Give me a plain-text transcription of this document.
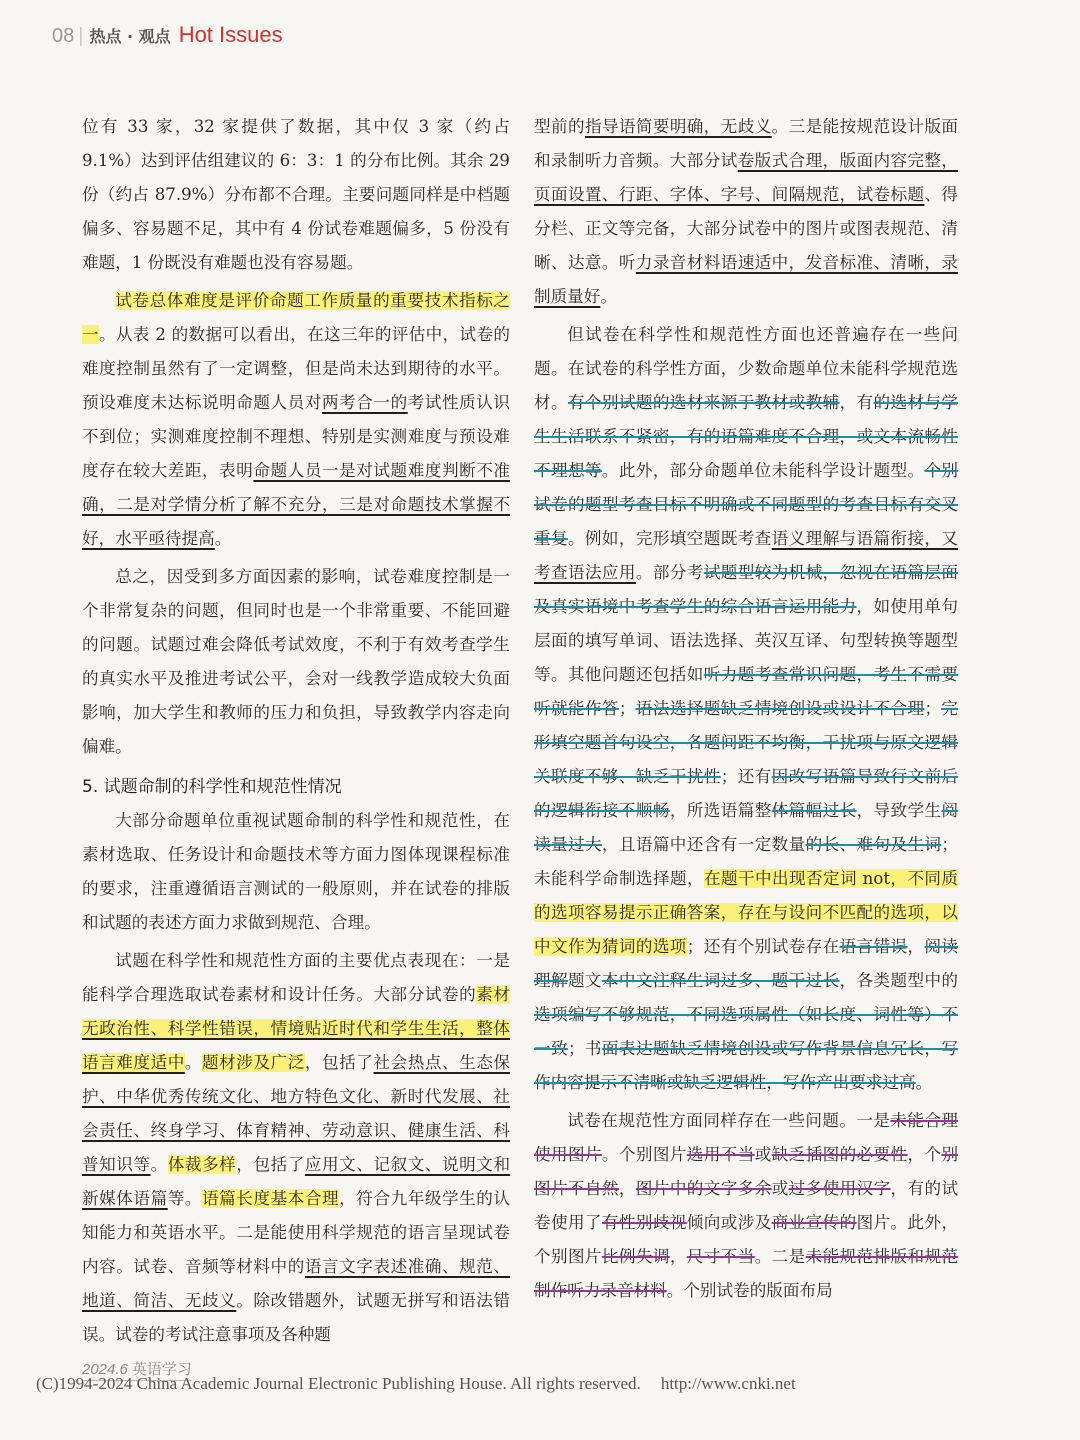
08 | 热点 · 观点 Hot Issues

位有 33 家，32 家提供了数据，其中仅 3 家（约占 9.1%）达到评估组建议的 6：3：1 的分布比例。其余 29 份（约占 87.9%）分布都不合理。主要问题同样是中档题偏多、容易题不足，其中有 4 份试卷难题偏多，5 份没有难题，1 份既没有难题也没有容易题。

试卷总体难度是评价命题工作质量的重要技术指标之一。从表 2 的数据可以看出，在这三年的评估中，试卷的难度控制虽然有了一定调整，但是尚未达到期待的水平。预设难度未达标说明命题人员对两考合一的考试性质认识不到位；实测难度控制不理想、特别是实测难度与预设难度存在较大差距，表明命题人员一是对试题难度判断不准确，二是对学情分析了解不充分，三是对命题技术掌握不好，水平亟待提高。

总之，因受到多方面因素的影响，试卷难度控制是一个非常复杂的问题，但同时也是一个非常重要、不能回避的问题。试题过难会降低考试效度，不利于有效考查学生的真实水平及推进考试公平，会对一线教学造成较大负面影响，加大学生和教师的压力和负担，导致教学内容走向偏难。

5. 试题命制的科学性和规范性情况

大部分命题单位重视试题命制的科学性和规范性，在素材选取、任务设计和命题技术等方面力图体现课程标准的要求，注重遵循语言测试的一般原则，并在试卷的排版和试题的表述方面力求做到规范、合理。

试题在科学性和规范性方面的主要优点表现在：一是能科学合理选取试卷素材和设计任务。大部分试卷的素材无政治性、科学性错误，情境贴近时代和学生生活，整体语言难度适中。题材涉及广泛，包括了社会热点、生态保护、中华优秀传统文化、地方特色文化、新时代发展、社会责任、终身学习、体育精神、劳动意识、健康生活、科普知识等。体裁多样，包括了应用文、记叙文、说明文和新媒体语篇等。语篇长度基本合理，符合九年级学生的认知能力和英语水平。二是能使用科学规范的语言呈现试卷内容。试卷、音频等材料中的语言文字表述准确、规范、地道、简洁、无歧义。除改错题外，试题无拼写和语法错误。试卷的考试注意事项及各种题

型前的指导语简要明确，无歧义。三是能按规范设计版面和录制听力音频。大部分试卷版式合理，版面内容完整，页面设置、行距、字体、字号、间隔规范，试卷标题、得分栏、正文等完备，大部分试卷中的图片或图表规范、清晰、达意。听力录音材料语速适中，发音标准、清晰，录制质量好。

但试卷在科学性和规范性方面也还普遍存在一些问题。在试卷的科学性方面，少数命题单位未能科学规范选材。有个别试题的选材来源于教材或教辅，有的选材与学生生活联系不紧密，有的语篇难度不合理，或文本流畅性不理想等。此外，部分命题单位未能科学设计题型。个别试卷的题型考查目标不明确或不同题型的考查目标有交叉重复。例如，完形填空题既考查语义理解与语篇衔接，又考查语法应用。部分考试题型较为机械，忽视在语篇层面及真实语境中考查学生的综合语言运用能力，如使用单句层面的填写单词、语法选择、英汉互译、句型转换等题型等。其他问题还包括如听力题考查常识问题，考生不需要听就能作答；语法选择题缺乏情境创设或设计不合理；完形填空题首句设空，各题间距不均衡，干扰项与原文逻辑关联度不够、缺乏干扰性；还有因改写语篇导致行文前后的逻辑衔接不顺畅，所选语篇整体篇幅过长，导致学生阅读量过大，且语篇中还含有一定数量的长、难句及生词；未能科学命制选择题，在题干中出现否定词 not，不同质的选项容易提示正确答案，存在与设问不匹配的选项，以中文作为猜词的选项；还有个别试卷存在语言错误，阅读理解题文本中文注释生词过多、题干过长，各类题型中的选项编写不够规范，不同选项属性（如长度、词性等）不一致；书面表达题缺乏情境创设或写作背景信息冗长，写作内容提示不清晰或缺乏逻辑性，写作产出要求过高。

试卷在规范性方面同样存在一些问题。一是未能合理使用图片。个别图片选用不当或缺乏插图的必要性，个别图片不自然，图片中的文字多余或过多使用汉字，有的试卷使用了有性别歧视倾向或涉及商业宣传的图片。此外，个别图片比例失调，尺寸不当。二是未能规范排版和规范制作听力录音材料。个别试卷的版面布局

2024.6 英语学习
(C)1994-2024 China Academic Journal Electronic Publishing House. All rights reserved. http://www.cnki.net
